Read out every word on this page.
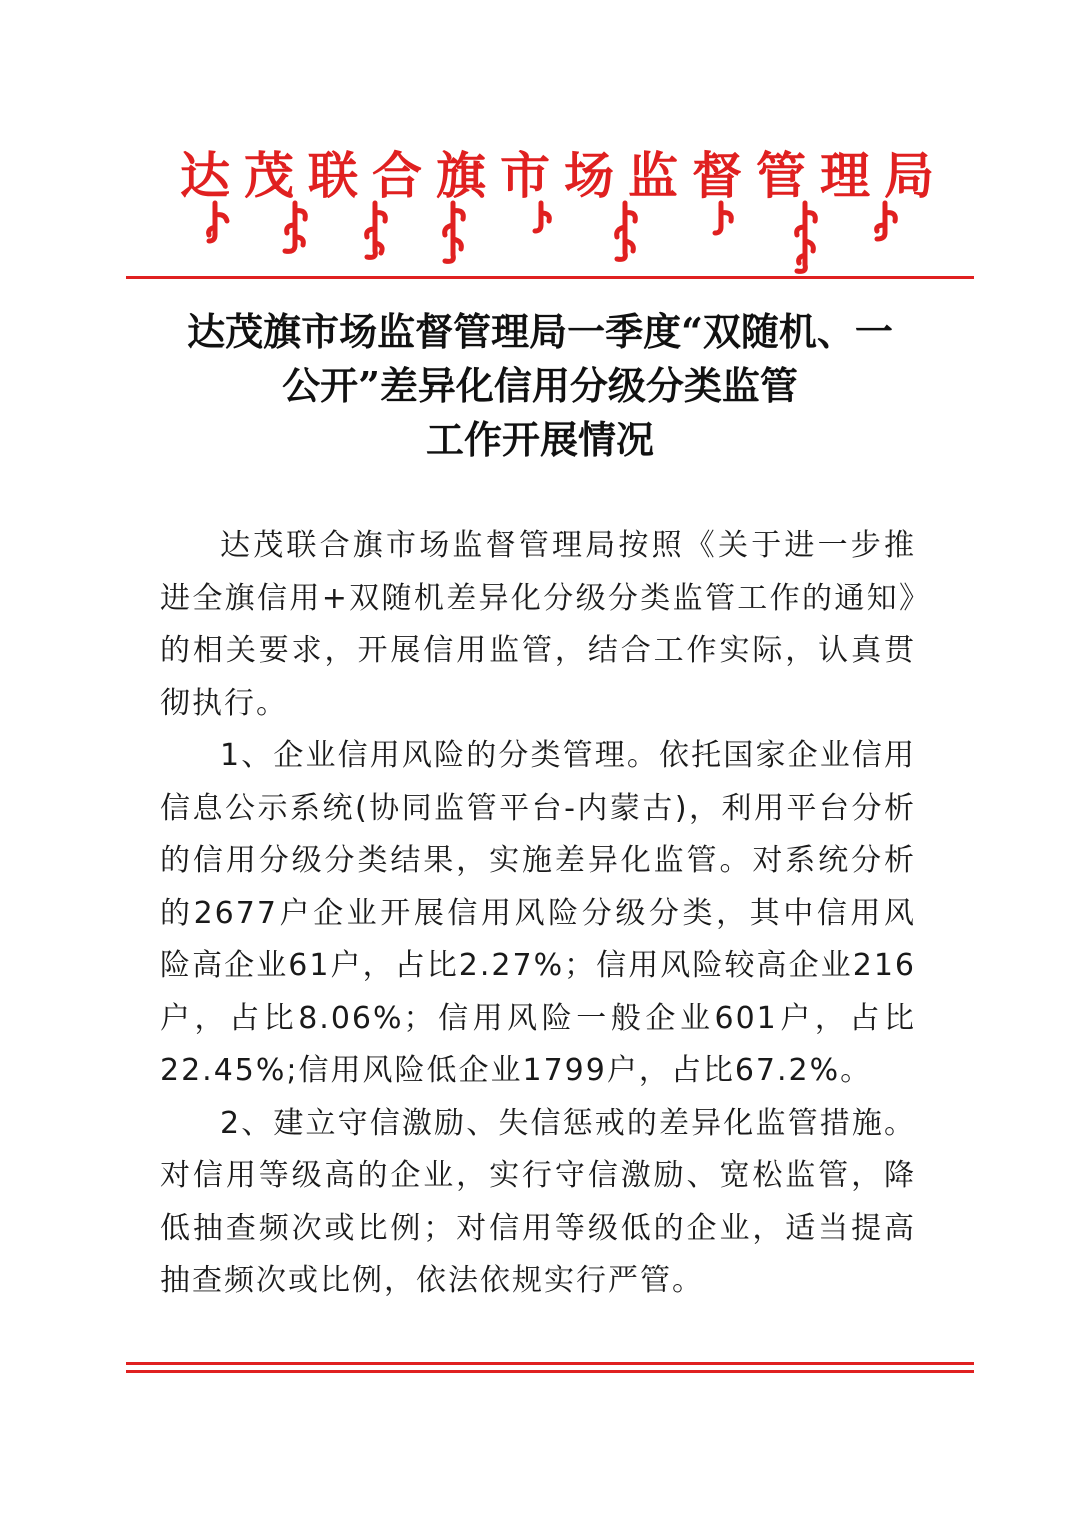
达茂联合旗市场监督管理局
达茂旗市场监督管理局一季度“双随机、一
公开”差异化信用分级分类监管
工作开展情况

达茂联合旗市场监督管理局按照《关于进一步推进全旗信用+双随机差异化分级分类监管工作的通知》的相关要求，开展信用监管，结合工作实际，认真贯彻执行。

1、企业信用风险的分类管理。依托国家企业信用信息公示系统(协同监管平台-内蒙古)，利用平台分析的信用分级分类结果，实施差异化监管。对系统分析的2677户企业开展信用风险分级分类，其中信用风险高企业61户，占比2.27%；信用风险较高企业216户，占比8.06%；信用风险一般企业601户，占比22.45%;信用风险低企业1799户，占比67.2%。

2、建立守信激励、失信惩戒的差异化监管措施。对信用等级高的企业，实行守信激励、宽松监管，降低抽查频次或比例；对信用等级低的企业，适当提高抽查频次或比例，依法依规实行严管。
